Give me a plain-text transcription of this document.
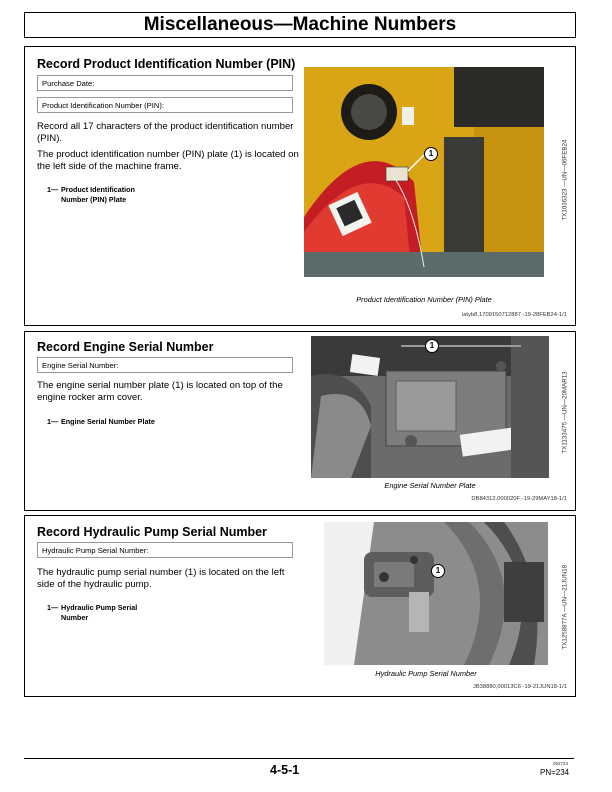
Miscellaneous—Machine Numbers
Record Product Identification Number (PIN)
Purchase Date:
Product Identification Number (PIN):
Record all 17 characters of the product identification number (PIN).
The product identification number (PIN) plate (1) is located on the left side of the machine frame.
1— Product Identification Number (PIN) Plate
1	TX1036323 —UN—06FEB24
Product Identification Number (PIN) Plate
iatyb8,1709150712887 -19-28FEB24-1/1
Record Engine Serial Number
Engine Serial Number:
The engine serial number plate (1) is located on top of the engine rocker arm cover.
1— Engine Serial Number Plate
1
TX1133475 —UN—20MAR13
Engine Serial Number Plate
DB84312,000020F -19-29MAY18-1/1
Record Hydraulic Pump Serial Number
Hydraulic Pump Serial Number:
The hydraulic pump serial number (1) is located on the left side of the hydraulic pump.
1— Hydraulic Pump Serial Number
1	TX1258877A —UN—21JUN18
Hydraulic Pump Serial Number
JB38880,00013C6 -19-21JUN18-1/1
4-5-1	092724
PN=234
